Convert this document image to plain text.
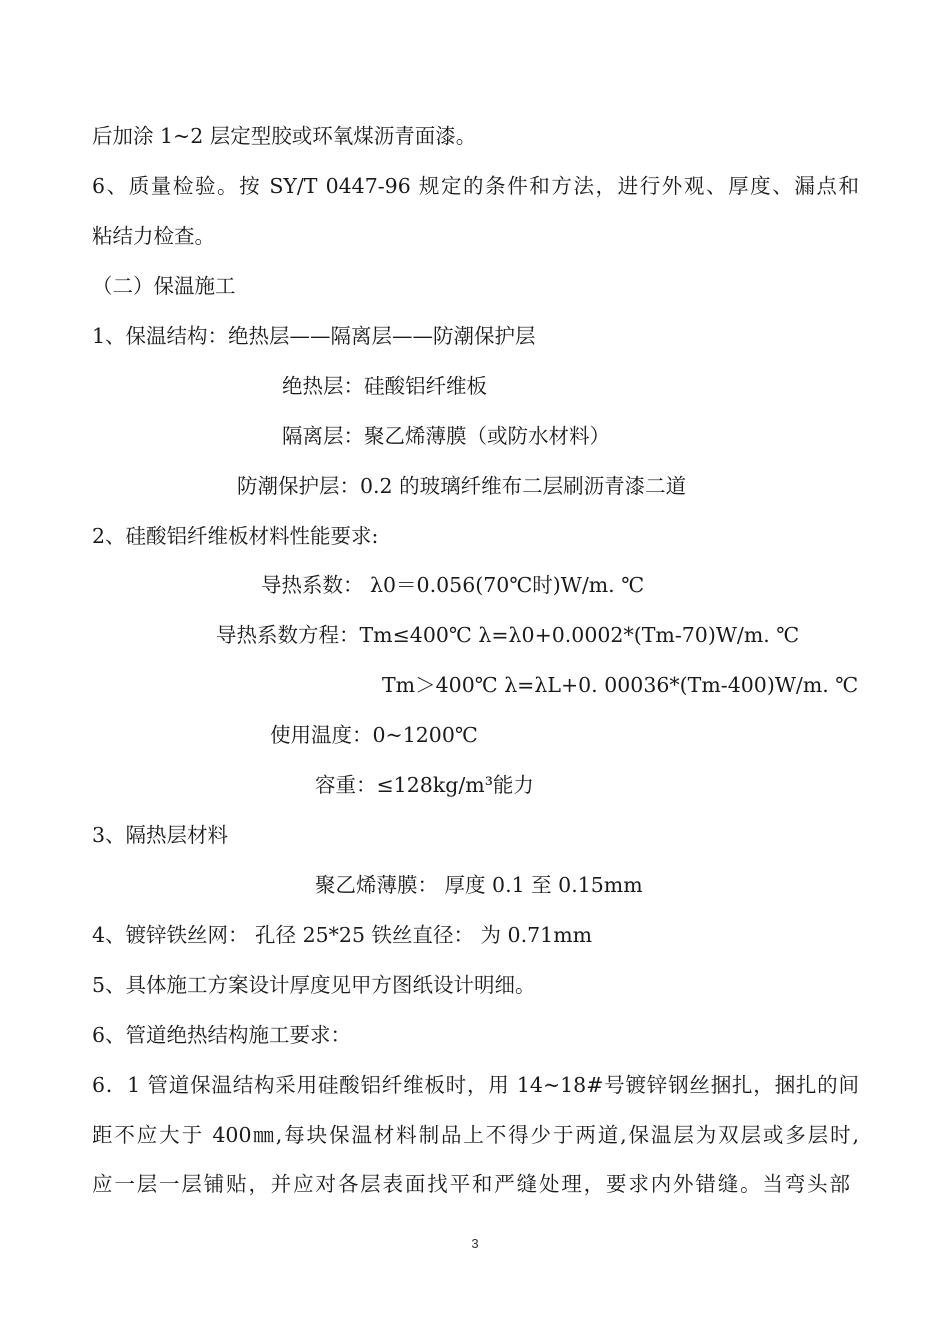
后加涂 1~2 层定型胶或环氧煤沥青面漆。
6、质量检验。按 SY/T 0447-96 规定的条件和方法，进行外观、厚度、漏点和
粘结力检查。
（二）保温施工
1、保温结构：绝热层——隔离层——防潮保护层
绝热层：硅酸铝纤维板
隔离层：聚乙烯薄膜（或防水材料）
防潮保护层：0.2 的玻璃纤维布二层刷沥青漆二道
2、硅酸铝纤维板材料性能要求:
导热系数： λ0＝0.056(70℃时)W/m. ℃
导热系数方程：Tm≤400℃ λ=λ0+0.0002*(Tm-70)W/m. ℃
Tm＞400℃ λ=λL+0. 00036*(Tm-400)W/m. ℃
使用温度：0~1200℃
容重：≤128kg/m³能力
3、隔热层材料
聚乙烯薄膜： 厚度 0.1 至 0.15mm
4、镀锌铁丝网： 孔径 25*25 铁丝直径： 为 0.71mm
5、具体施工方案设计厚度见甲方图纸设计明细。
6、管道绝热结构施工要求：
6．1 管道保温结构采用硅酸铝纤维板时，用 14~18#号镀锌钢丝捆扎，捆扎的间
距不应大于 400㎜,每块保温材料制品上不得少于两道,保温层为双层或多层时,
应一层一层铺贴，并应对各层表面找平和严缝处理，要求内外错缝。当弯头部
3
